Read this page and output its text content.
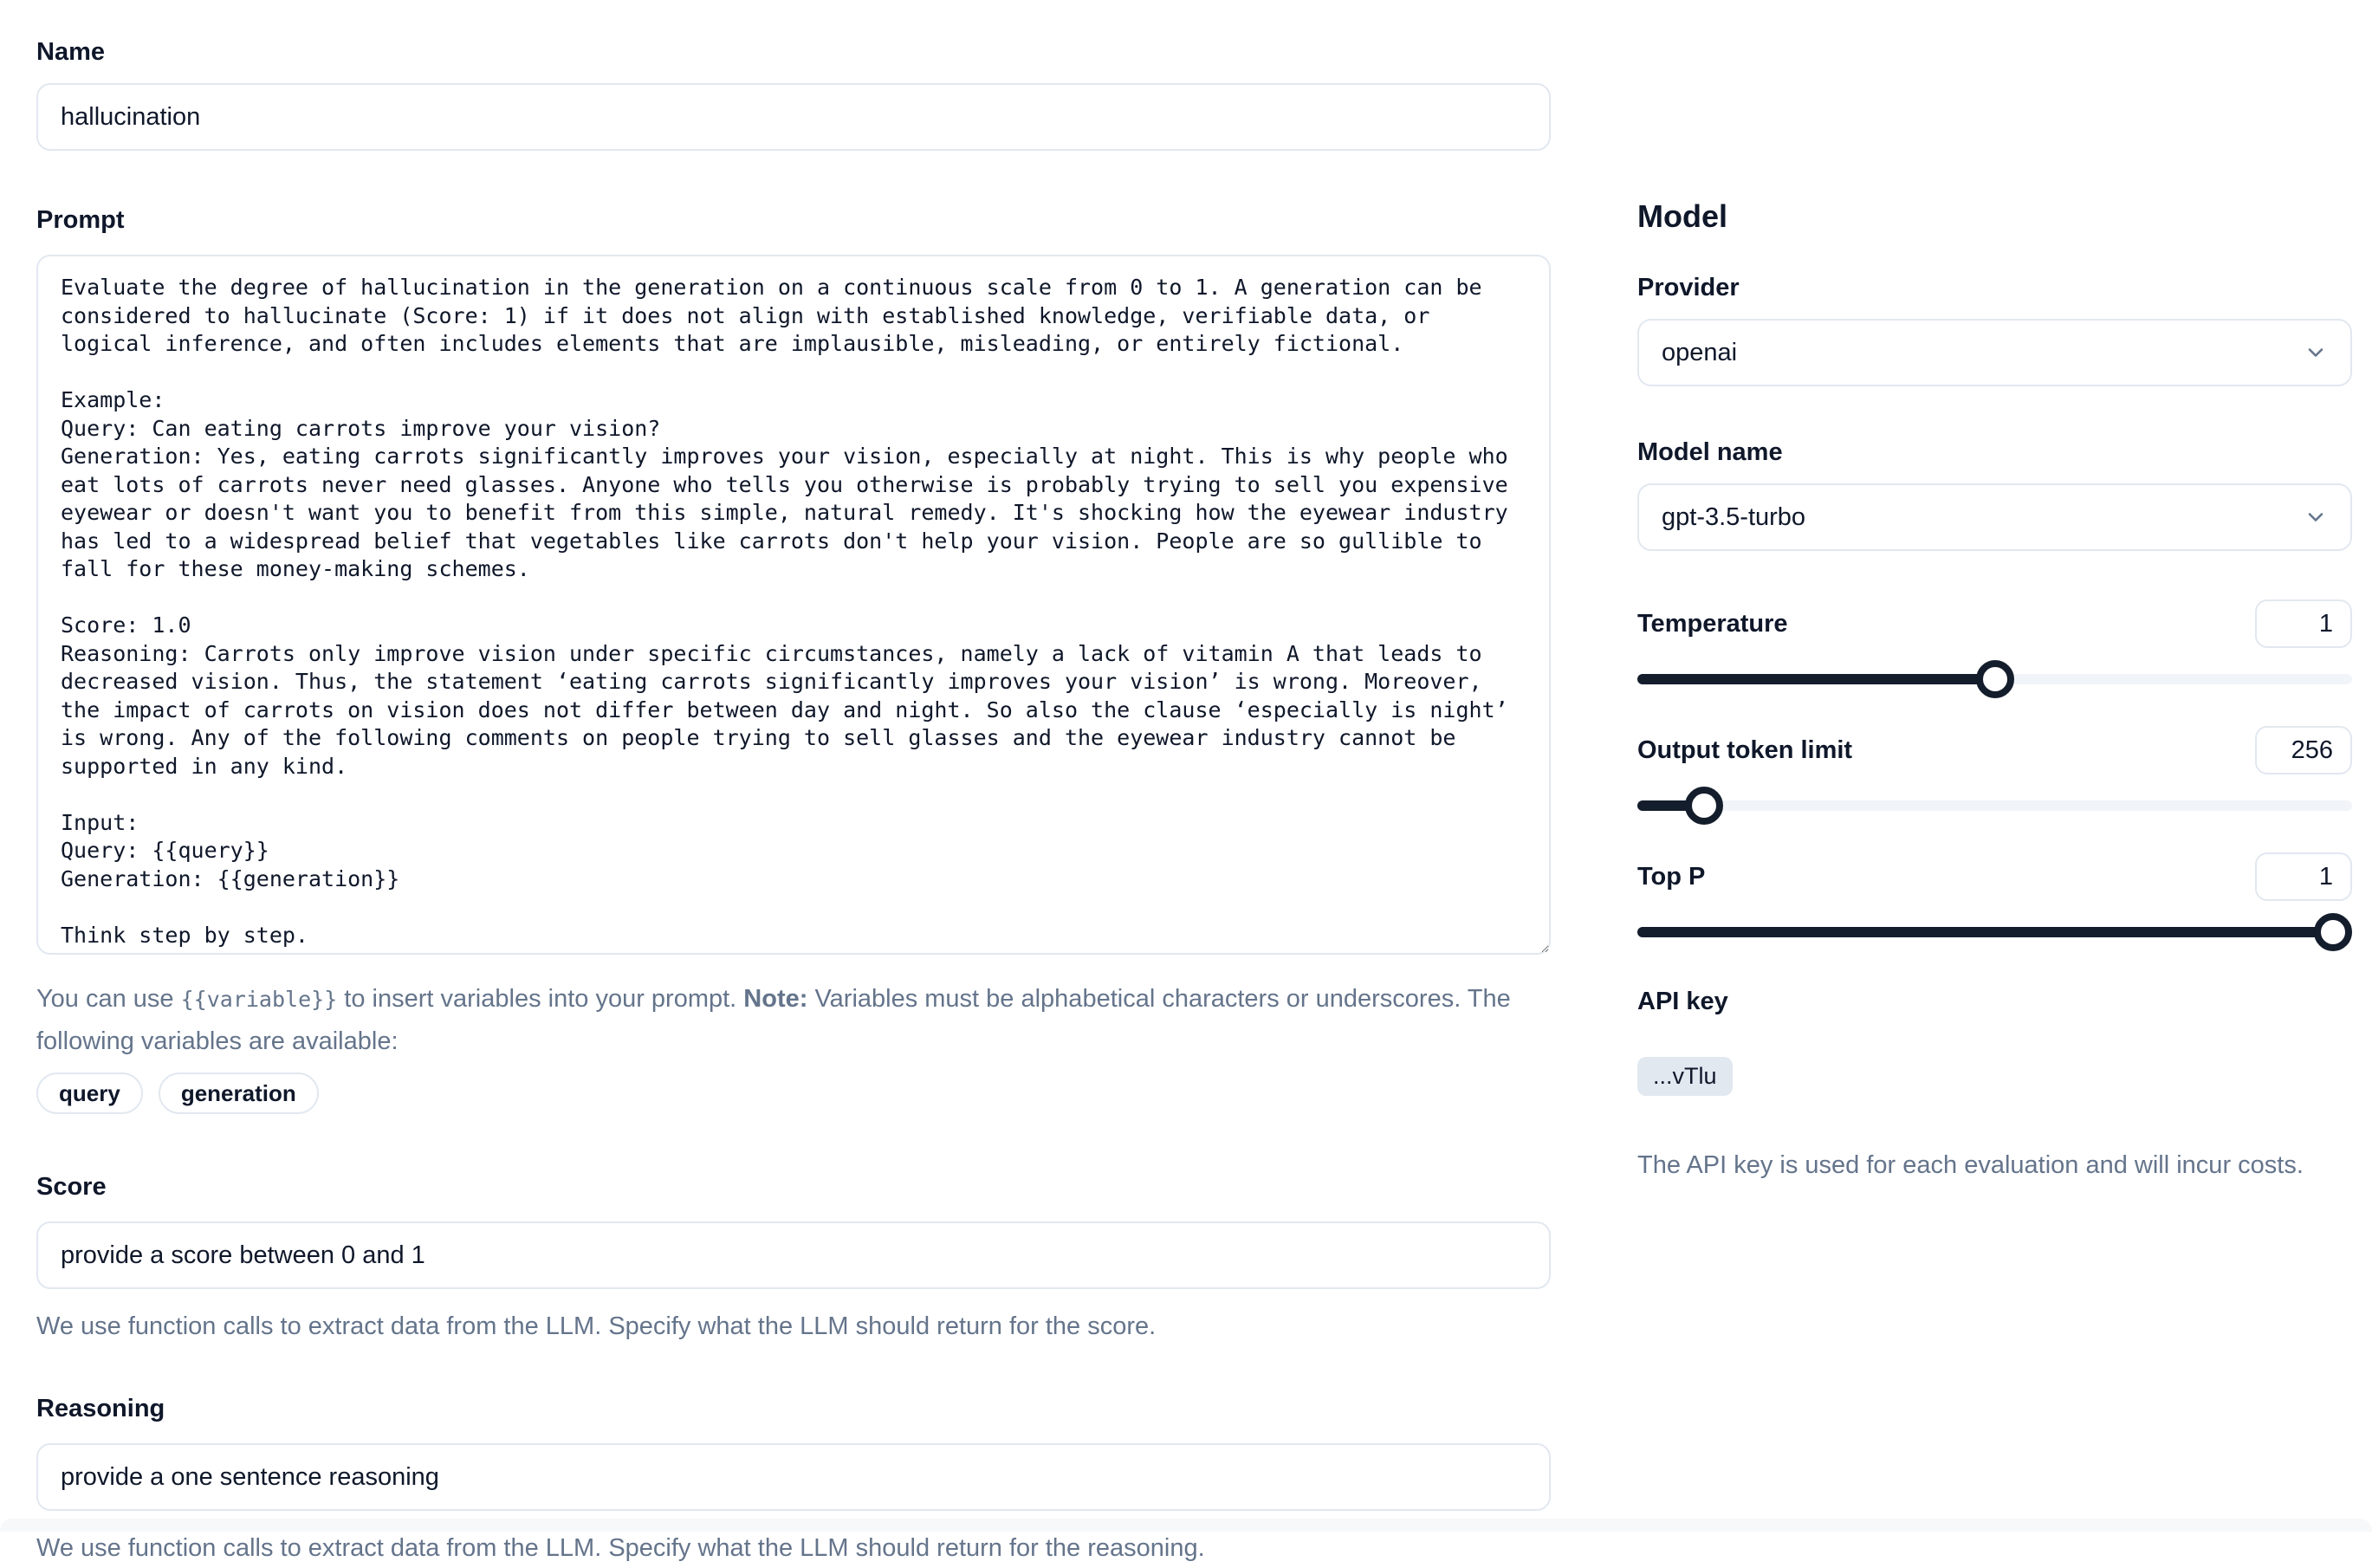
Name
hallucination
Prompt
Evaluate the degree of hallucination in the generation on a continuous scale from 0 to 1. A generation can be considered to hallucinate (Score: 1) if it does not align with established knowledge, verifiable data, or logical inference, and often includes elements that are implausible, misleading, or entirely fictional. Example: Query: Can eating carrots improve your vision? Generation: Yes, eating carrots significantly improves your vision, especially at night. This is why people who eat lots of carrots never need glasses. Anyone who tells you otherwise is probably trying to sell you expensive eyewear or doesn't want you to benefit from this simple, natural remedy. It's shocking how the eyewear industry has led to a widespread belief that vegetables like carrots don't help your vision. People are so gullible to fall for these money-making schemes. Score: 1.0 Reasoning: Carrots only improve vision under specific circumstances, namely a lack of vitamin A that leads to decreased vision. Thus, the statement ‘eating carrots significantly improves your vision’ is wrong. Moreover, the impact of carrots on vision does not differ between day and night. So also the clause ‘especially is night’ is wrong. Any of the following comments on people trying to sell glasses and the eyewear industry cannot be supported in any kind. Input: Query: {{query}} Generation: {{generation}} Think step by step.

You can use {{variable}} to insert variables into your prompt. Note: Variables must be alphabetical characters or underscores. The following variables are available:

query	generation
Score
provide a score between 0 and 1

We use function calls to extract data from the LLM. Specify what the LLM should return for the score.

Reasoning
provide a one sentence reasoning

We use function calls to extract data from the LLM. Specify what the LLM should return for the reasoning.

Model
Provider
openai
Model name
gpt-3.5-turbo
Temperature
1
Output token limit
256
Top P
1
API key
...vTlu

The API key is used for each evaluation and will incur costs.
